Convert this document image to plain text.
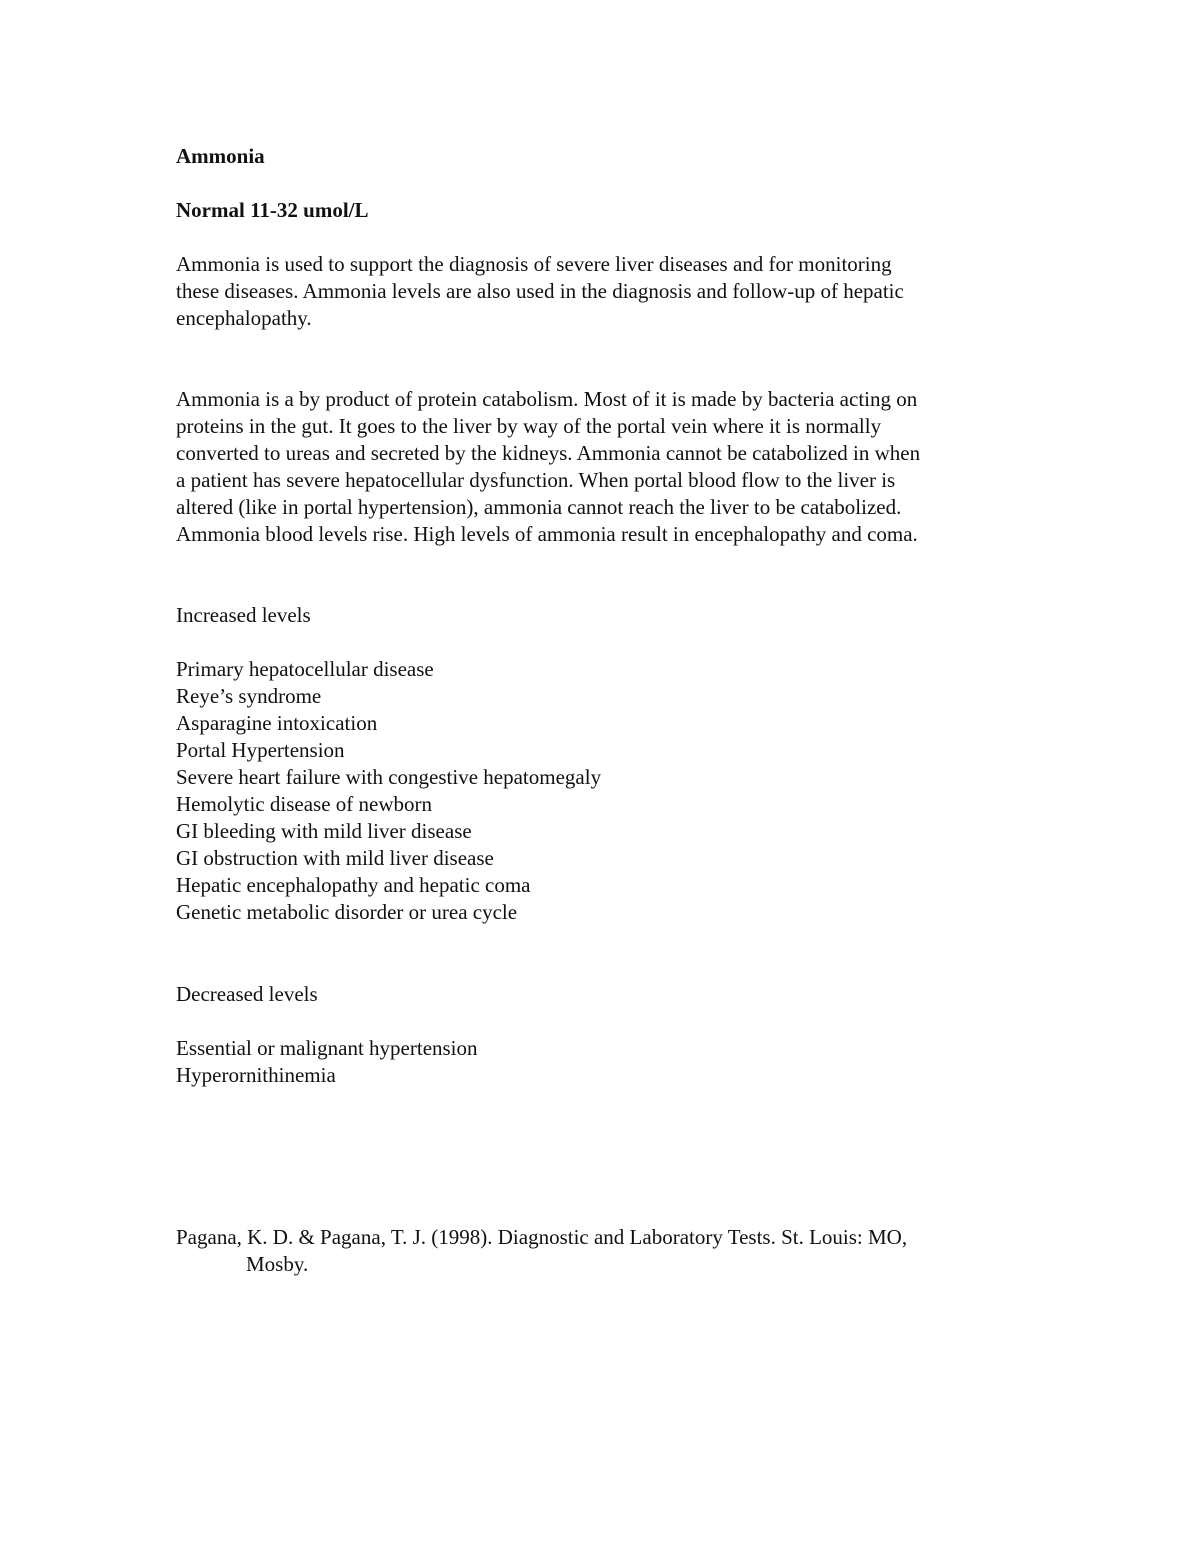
Ammonia

Normal 11-32 umol/L

Ammonia is used to support the diagnosis of severe liver diseases and for monitoring

these diseases. Ammonia levels are also used in the diagnosis and follow-up of hepatic

encephalopathy.

Ammonia is a by product of protein catabolism. Most of it is made by bacteria acting on

proteins in the gut. It goes to the liver by way of the portal vein where it is normally

converted to ureas and secreted by the kidneys. Ammonia cannot be catabolized in when

a patient has severe hepatocellular dysfunction. When portal blood flow to the liver is

altered (like in portal hypertension), ammonia cannot reach the liver to be catabolized.

Ammonia blood levels rise. High levels of ammonia result in encephalopathy and coma.

Increased levels

Primary hepatocellular disease

Reye’s syndrome

Asparagine intoxication

Portal Hypertension

Severe heart failure with congestive hepatomegaly

Hemolytic disease of newborn

GI bleeding with mild liver disease

GI obstruction with mild liver disease

Hepatic encephalopathy and hepatic coma

Genetic metabolic disorder or urea cycle

Decreased levels

Essential or malignant hypertension

Hyperornithinemia

Pagana, K. D. & Pagana, T. J. (1998). Diagnostic and Laboratory Tests. St. Louis: MO,

Mosby.
